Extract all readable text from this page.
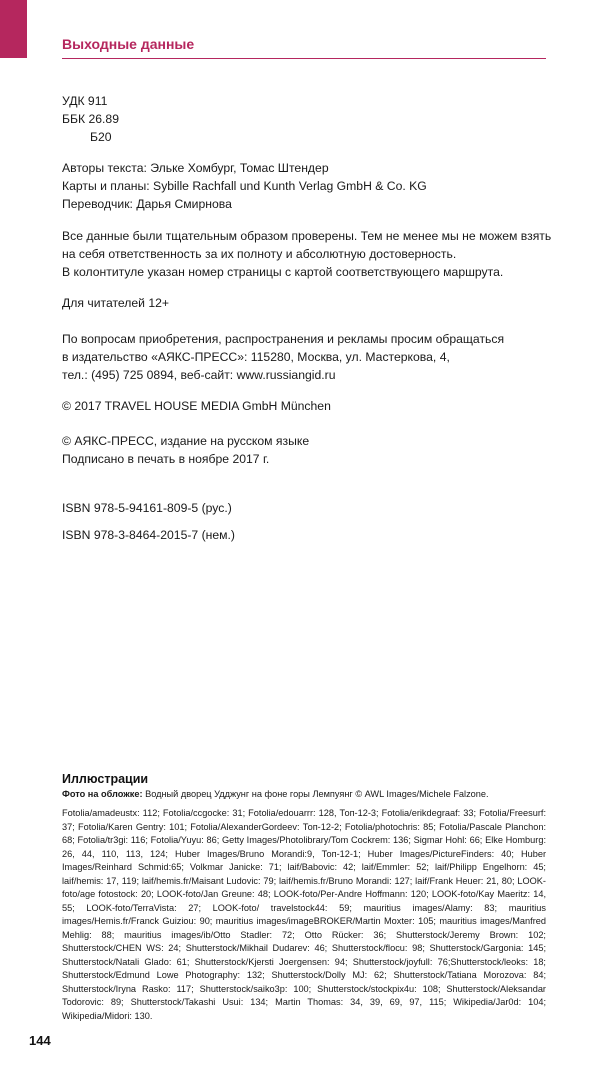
Выходные данные
УДК 911
ББК 26.89
Б20
Авторы текста: Эльке Хомбург, Томас Штендер
Карты и планы: Sybille Rachfall und Kunth Verlag GmbH & Co. KG
Переводчик: Дарья Смирнова
Все данные были тщательным образом проверены. Тем не менее мы не можем взять
на себя ответственность за их полноту и абсолютную достоверность.
В колонтитуле указан номер страницы с картой соответствующего маршрута.
Для читателей 12+
По вопросам приобретения, распространения и рекламы просим обращаться
в издательство «АЯКС-ПРЕСС»: 115280, Москва, ул. Мастеркова, 4,
тел.: (495) 725 0894, веб-сайт: www.russiangid.ru
© 2017 TRAVEL HOUSE MEDIA GmbH München
© АЯКС-ПРЕСС, издание на русском языке
Подписано в печать в ноябре 2017 г.
ISBN 978-5-94161-809-5 (рус.)
ISBN 978-3-8464-2015-7 (нем.)
Иллюстрации
Фото на обложке: Водный дворец Удджунг на фоне горы Лемпуянг © AWL Images/Michele Falzone.
Fotolia/amadeustx: 112; Fotolia/ccgocke: 31; Fotolia/edouarrr: 128, Топ-12-3; Fotolia/erikdegraaf: 33; Fotolia/Freesurf: 37; Fotolia/Karen Gentry: 101; Fotolia/AlexanderGordeev: Топ-12-2; Fotolia/photochris: 85; Fotolia/Pascale Planchon: 68; Fotolia/tr3gi: 116; Fotolia/Yuyu: 86; Getty Images/Photolibrary/Tom Cockrem: 136; Sigmar Hohl: 66; Elke Homburg: 26, 44, 110, 113, 124; Huber Images/Bruno Morandi:9, Топ-12-1; Huber Images/PictureFinders: 40; Huber Images/Reinhard Schmid:65; Volkmar Janicke: 71; laif/Babovic: 42; laif/Emmler: 52; laif/Philipp Engelhorn: 45; laif/hemis: 17, 119; laif/hemis.fr/Maisant Ludovic: 79; laif/hemis.fr/Bruno Morandi: 127; laif/Frank Heuer: 21, 80; LOOK-foto/age fotostock: 20; LOOK-foto/Jan Greune: 48; LOOK-foto/Per-Andre Hoffmann: 120; LOOK-foto/Kay Maeritz: 14, 55; LOOK-foto/TerraVista: 27; LOOK-foto/ travelstock44: 59; mauritius images/Alamy: 83; mauritius images/Hemis.fr/Franck Guiziou: 90; mauritius images/imageBROKER/Martin Moxter: 105; mauritius images/Manfred Mehlig: 88; mauritius images/ib/Otto Stadler: 72; Otto Rücker: 36; Shutterstock/Jeremy Brown: 102; Shutterstock/CHEN WS: 24; Shutterstock/Mikhail Dudarev: 46; Shutterstock/flocu: 98; Shutterstock/Gargonia: 145; Shutterstock/Natali Glado: 61; Shutterstock/Kjersti Joergensen: 94; Shutterstock/joyfull: 76;Shutterstock/leoks: 18; Shutterstock/Edmund Lowe Photography: 132; Shutterstock/Dolly MJ: 62; Shutterstock/Tatiana Morozova: 84; Shutterstock/Iryna Rasko: 117; Shutterstock/saiko3p: 100; Shutterstock/stockpix4u: 108; Shutterstock/Aleksandar Todorovic: 89; Shutterstock/Takashi Usui: 134; Martin Thomas: 34, 39, 69, 97, 115; Wikipedia/Jar0d: 104; Wikipedia/Midori: 130.
144
